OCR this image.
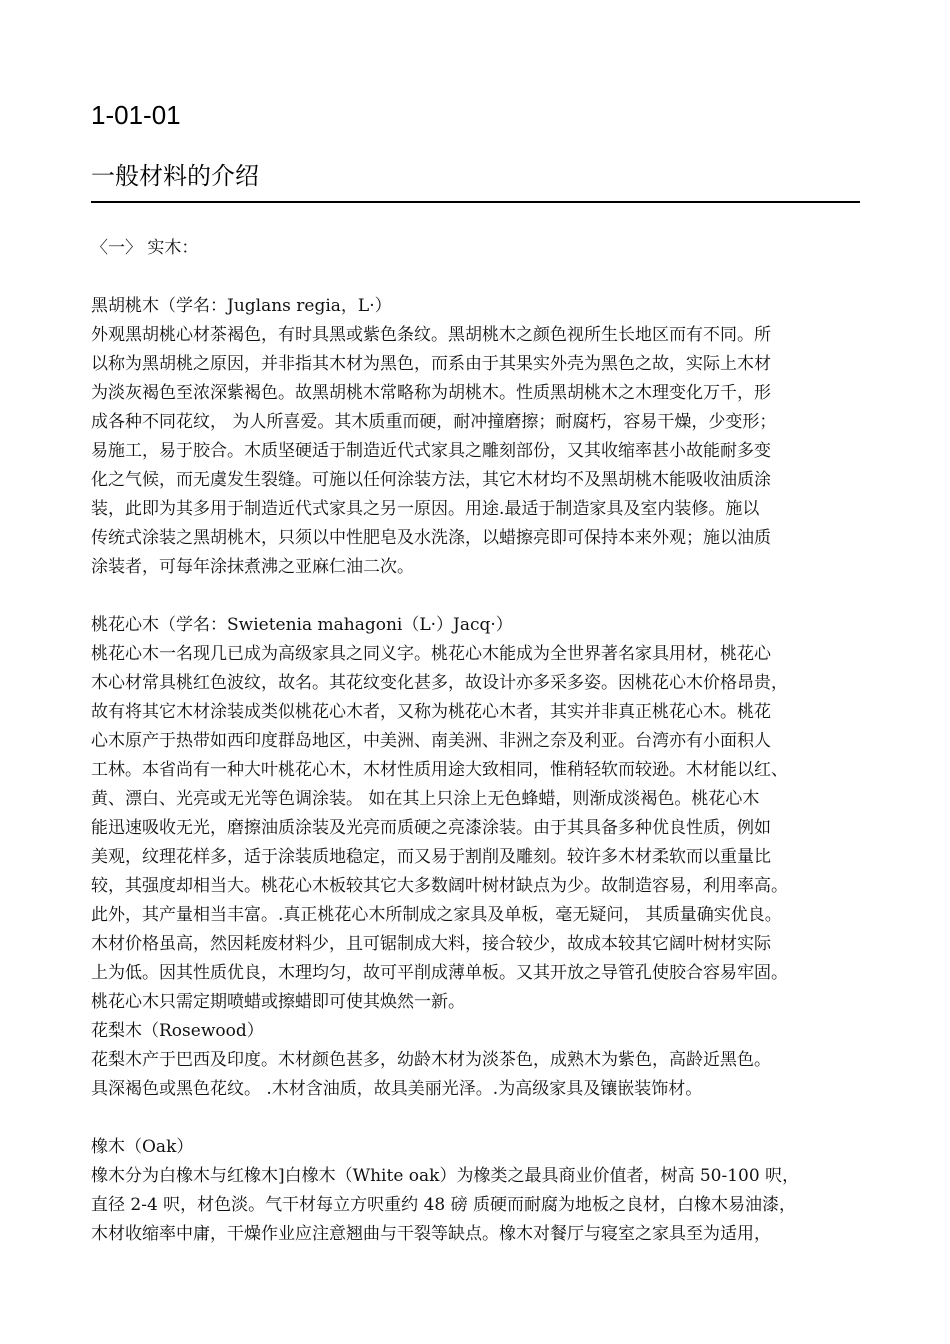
1-01-01
一般材料的介绍
〈一〉 实木：
黑胡桃木（学名：Juglans regia，L·）
外观黑胡桃心材茶褐色，有时具黑或紫色条纹。黑胡桃木之颜色视所生长地区而有不同。所
以称为黑胡桃之原因，并非指其木材为黑色，而系由于其果实外壳为黑色之故，实际上木材
为淡灰褐色至浓深紫褐色。故黑胡桃木常略称为胡桃木。性质黑胡桃木之木理变化万千，形
成各种不同花纹， 为人所喜爱。其木质重而硬，耐冲撞磨擦；耐腐朽，容易干燥，少变形；
易施工，易于胶合。木质坚硬适于制造近代式家具之雕刻部份，又其收缩率甚小故能耐多变
化之气候，而无虞发生裂缝。可施以任何涂装方法，其它木材均不及黑胡桃木能吸收油质涂
装，此即为其多用于制造近代式家具之另一原因。用途.最适于制造家具及室内装修。施以
传统式涂装之黑胡桃木，只须以中性肥皂及水洗涤，以蜡擦亮即可保持本来外观；施以油质
涂装者，可每年涂抹煮沸之亚麻仁油二次。
桃花心木（学名：Swietenia mahagoni（L·）Jacq·）
桃花心木一名现几已成为高级家具之同义字。桃花心木能成为全世界著名家具用材，桃花心
木心材常具桃红色波纹，故名。其花纹变化甚多，故设计亦多采多姿。因桃花心木价格昂贵，
故有将其它木材涂装成类似桃花心木者，又称为桃花心木者，其实并非真正桃花心木。桃花
心木原产于热带如西印度群岛地区，中美洲、南美洲、非洲之奈及利亚。台湾亦有小面积人
工林。本省尚有一种大叶桃花心木，木材性质用途大致相同，惟稍轻软而较逊。木材能以红、
黄、漂白、光亮或无光等色调涂装。 如在其上只涂上无色蜂蜡，则渐成淡褐色。桃花心木
能迅速吸收无光，磨擦油质涂装及光亮而质硬之亮漆涂装。由于其具备多种优良性质，例如
美观，纹理花样多，适于涂装质地稳定，而又易于割削及雕刻。较许多木材柔软而以重量比
较，其强度却相当大。桃花心木板较其它大多数阔叶树材缺点为少。故制造容易，利用率高。
此外，其产量相当丰富。.真正桃花心木所制成之家具及单板，毫无疑问， 其质量确实优良。
木材价格虽高，然因耗废材料少，且可锯制成大料，接合较少，故成本较其它阔叶树材实际
上为低。因其性质优良，木理均匀，故可平削成薄单板。又其开放之导管孔使胶合容易牢固。
桃花心木只需定期喷蜡或擦蜡即可使其焕然一新。
花梨木（Rosewood）
花梨木产于巴西及印度。木材颜色甚多，幼龄木材为淡茶色，成熟木为紫色，高龄近黑色。
具深褐色或黑色花纹。 .木材含油质，故具美丽光泽。.为高级家具及镶嵌装饰材。
橡木（Oak）
橡木分为白橡木与红橡木]白橡木（White oak）为橡类之最具商业价值者，树高 50-100 呎，
直径 2-4 呎，材色淡。气干材每立方呎重约 48 磅 质硬而耐腐为地板之良材，白橡木易油漆，
木材收缩率中庸，干燥作业应注意翘曲与干裂等缺点。橡木对餐厅与寝室之家具至为适用，
